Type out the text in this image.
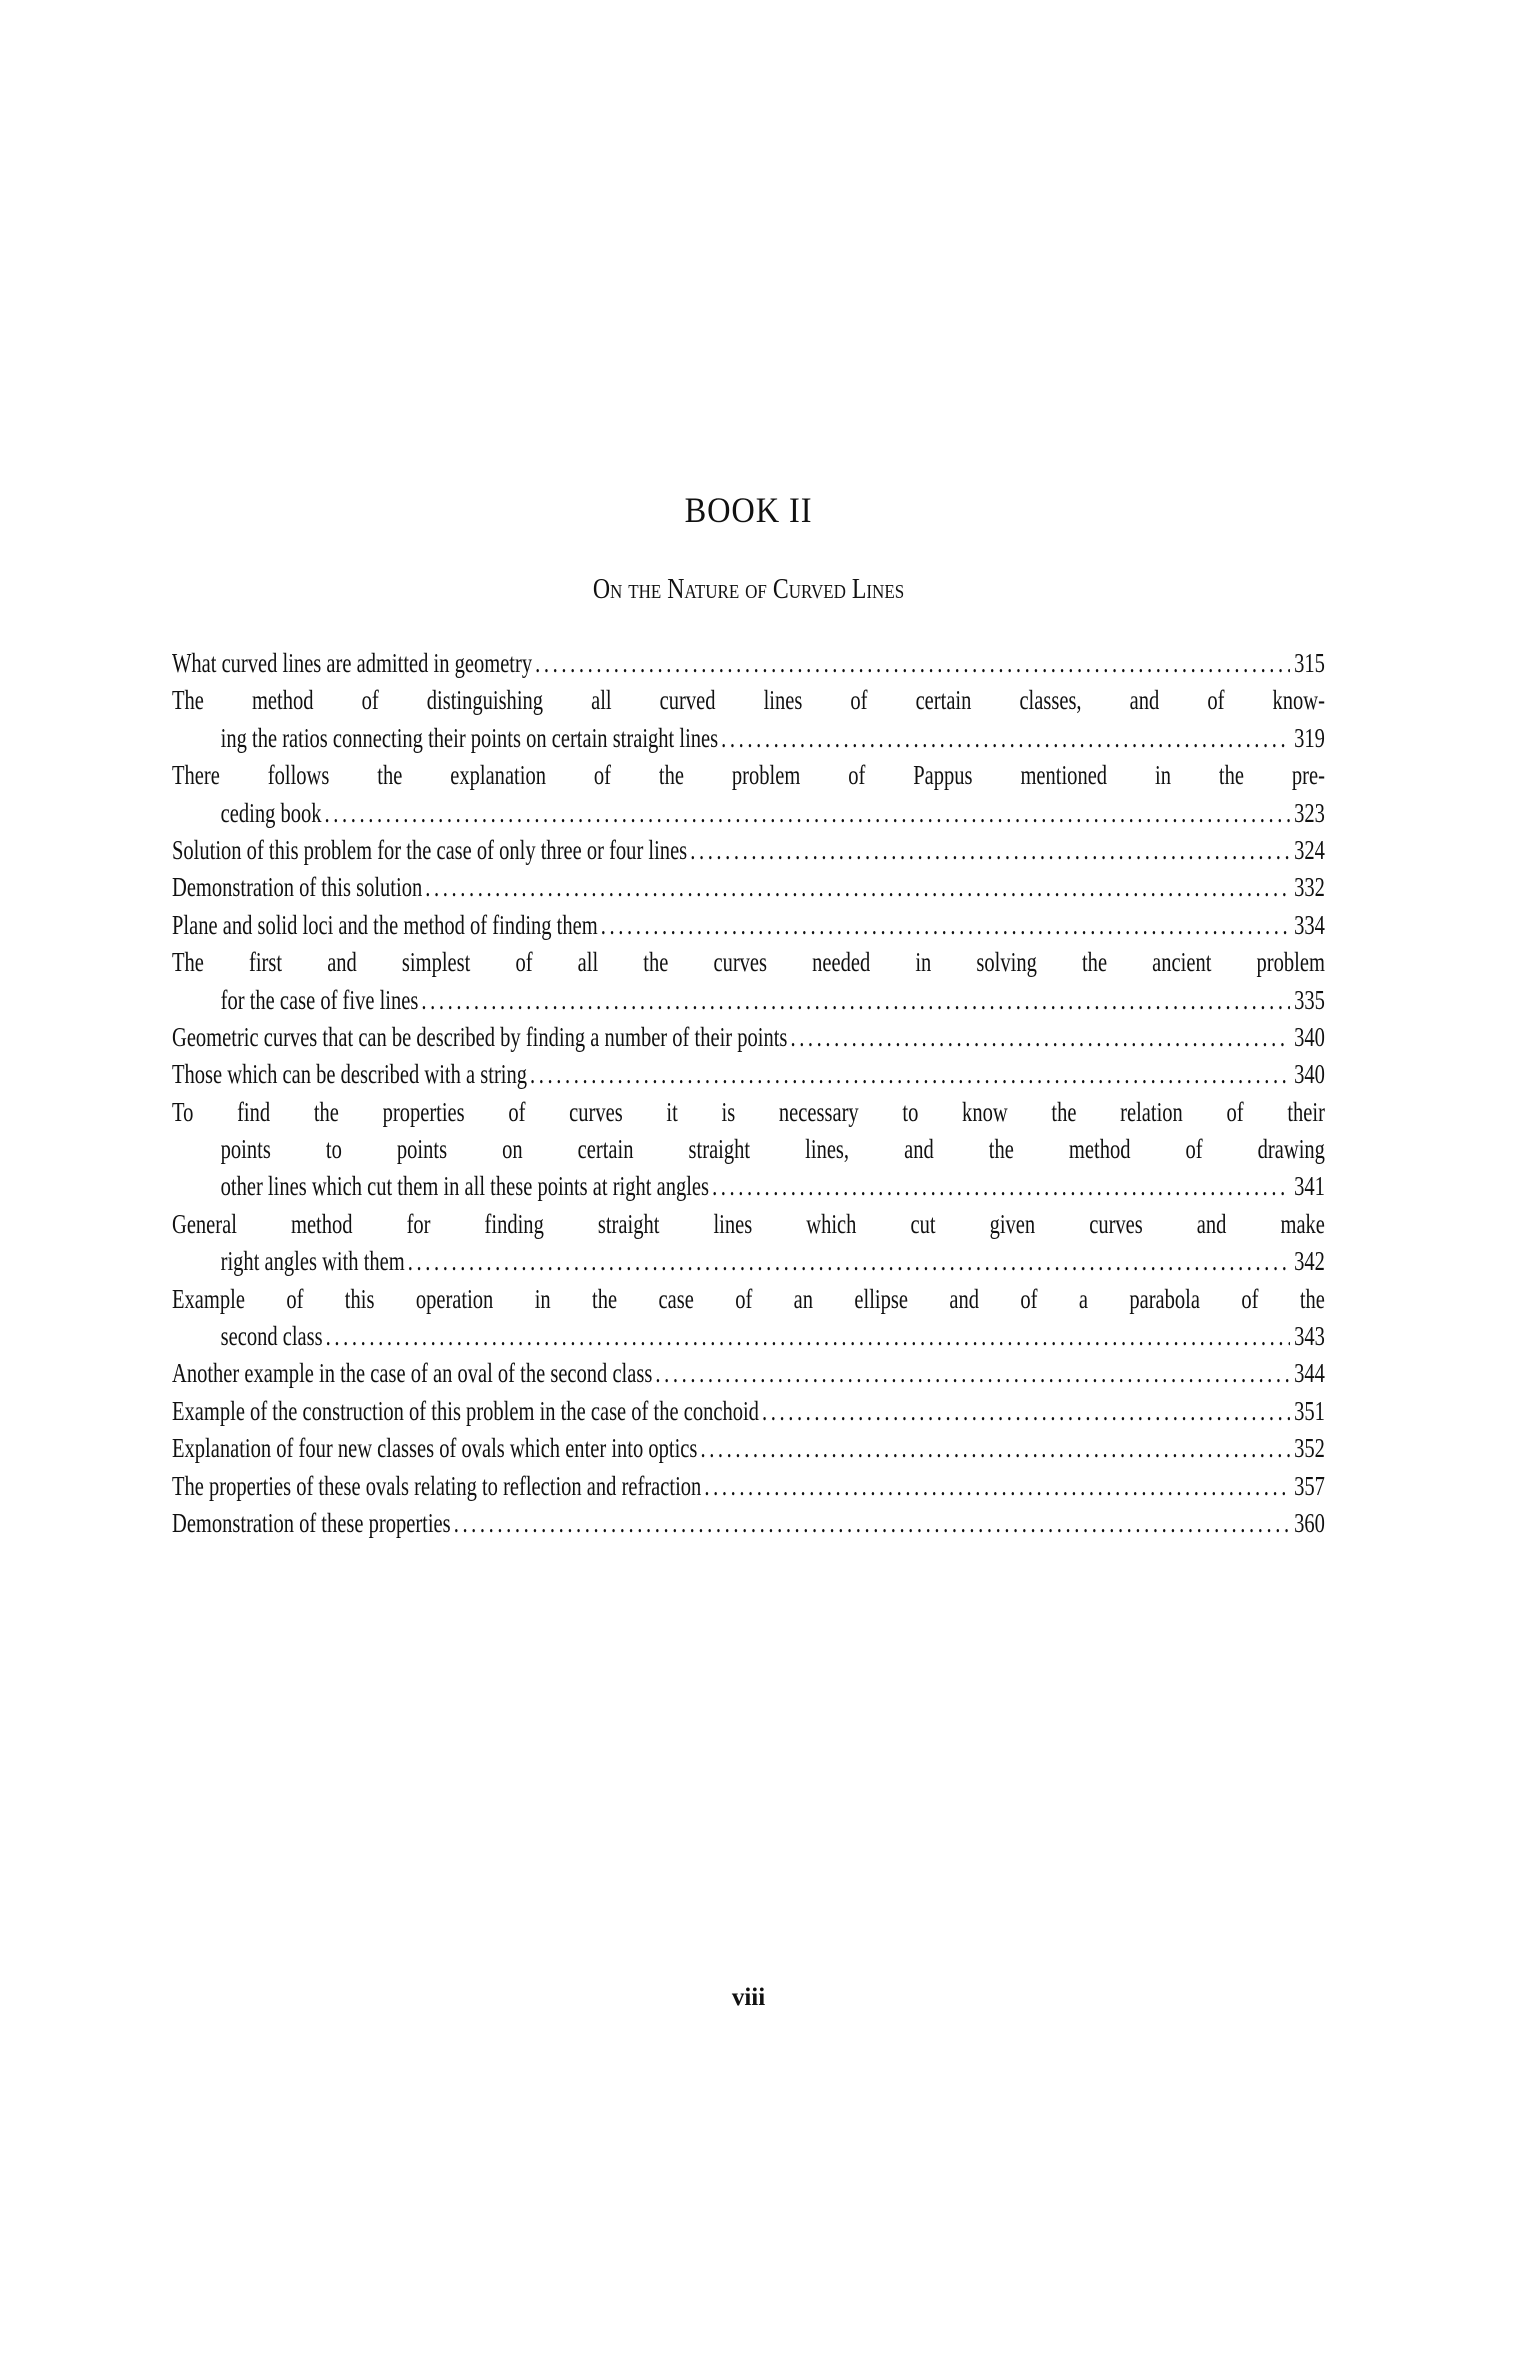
BOOK II
On the Nature of Curved Lines
What curved lines are admitted in geometry . . .	315
The method of distinguishing all curved lines of certain classes, and of know-
ing the ratios connecting their points on certain straight lines . . .	319
There follows the explanation of the problem of Pappus mentioned in the pre-
ceding book . . .	323
Solution of this problem for the case of only three or four lines . . .	324
Demonstration of this solution . . .	332
Plane and solid loci and the method of finding them . . .	334
The first and simplest of all the curves needed in solving the ancient problem
for the case of five lines . . .	335
Geometric curves that can be described by finding a number of their points . . .	340
Those which can be described with a string . . .	340
To find the properties of curves it is necessary to know the relation of their
points to points on certain straight lines, and the method of drawing
other lines which cut them in all these points at right angles . . .	341
General method for finding straight lines which cut given curves and make
right angles with them . . .	342
Example of this operation in the case of an ellipse and of a parabola of the
second class . . .	343
Another example in the case of an oval of the second class . . .	344
Example of the construction of this problem in the case of the conchoid . . .	351
Explanation of four new classes of ovals which enter into optics . . .	352
The properties of these ovals relating to reflection and refraction . . .	357
Demonstration of these properties . . .	360
viii
